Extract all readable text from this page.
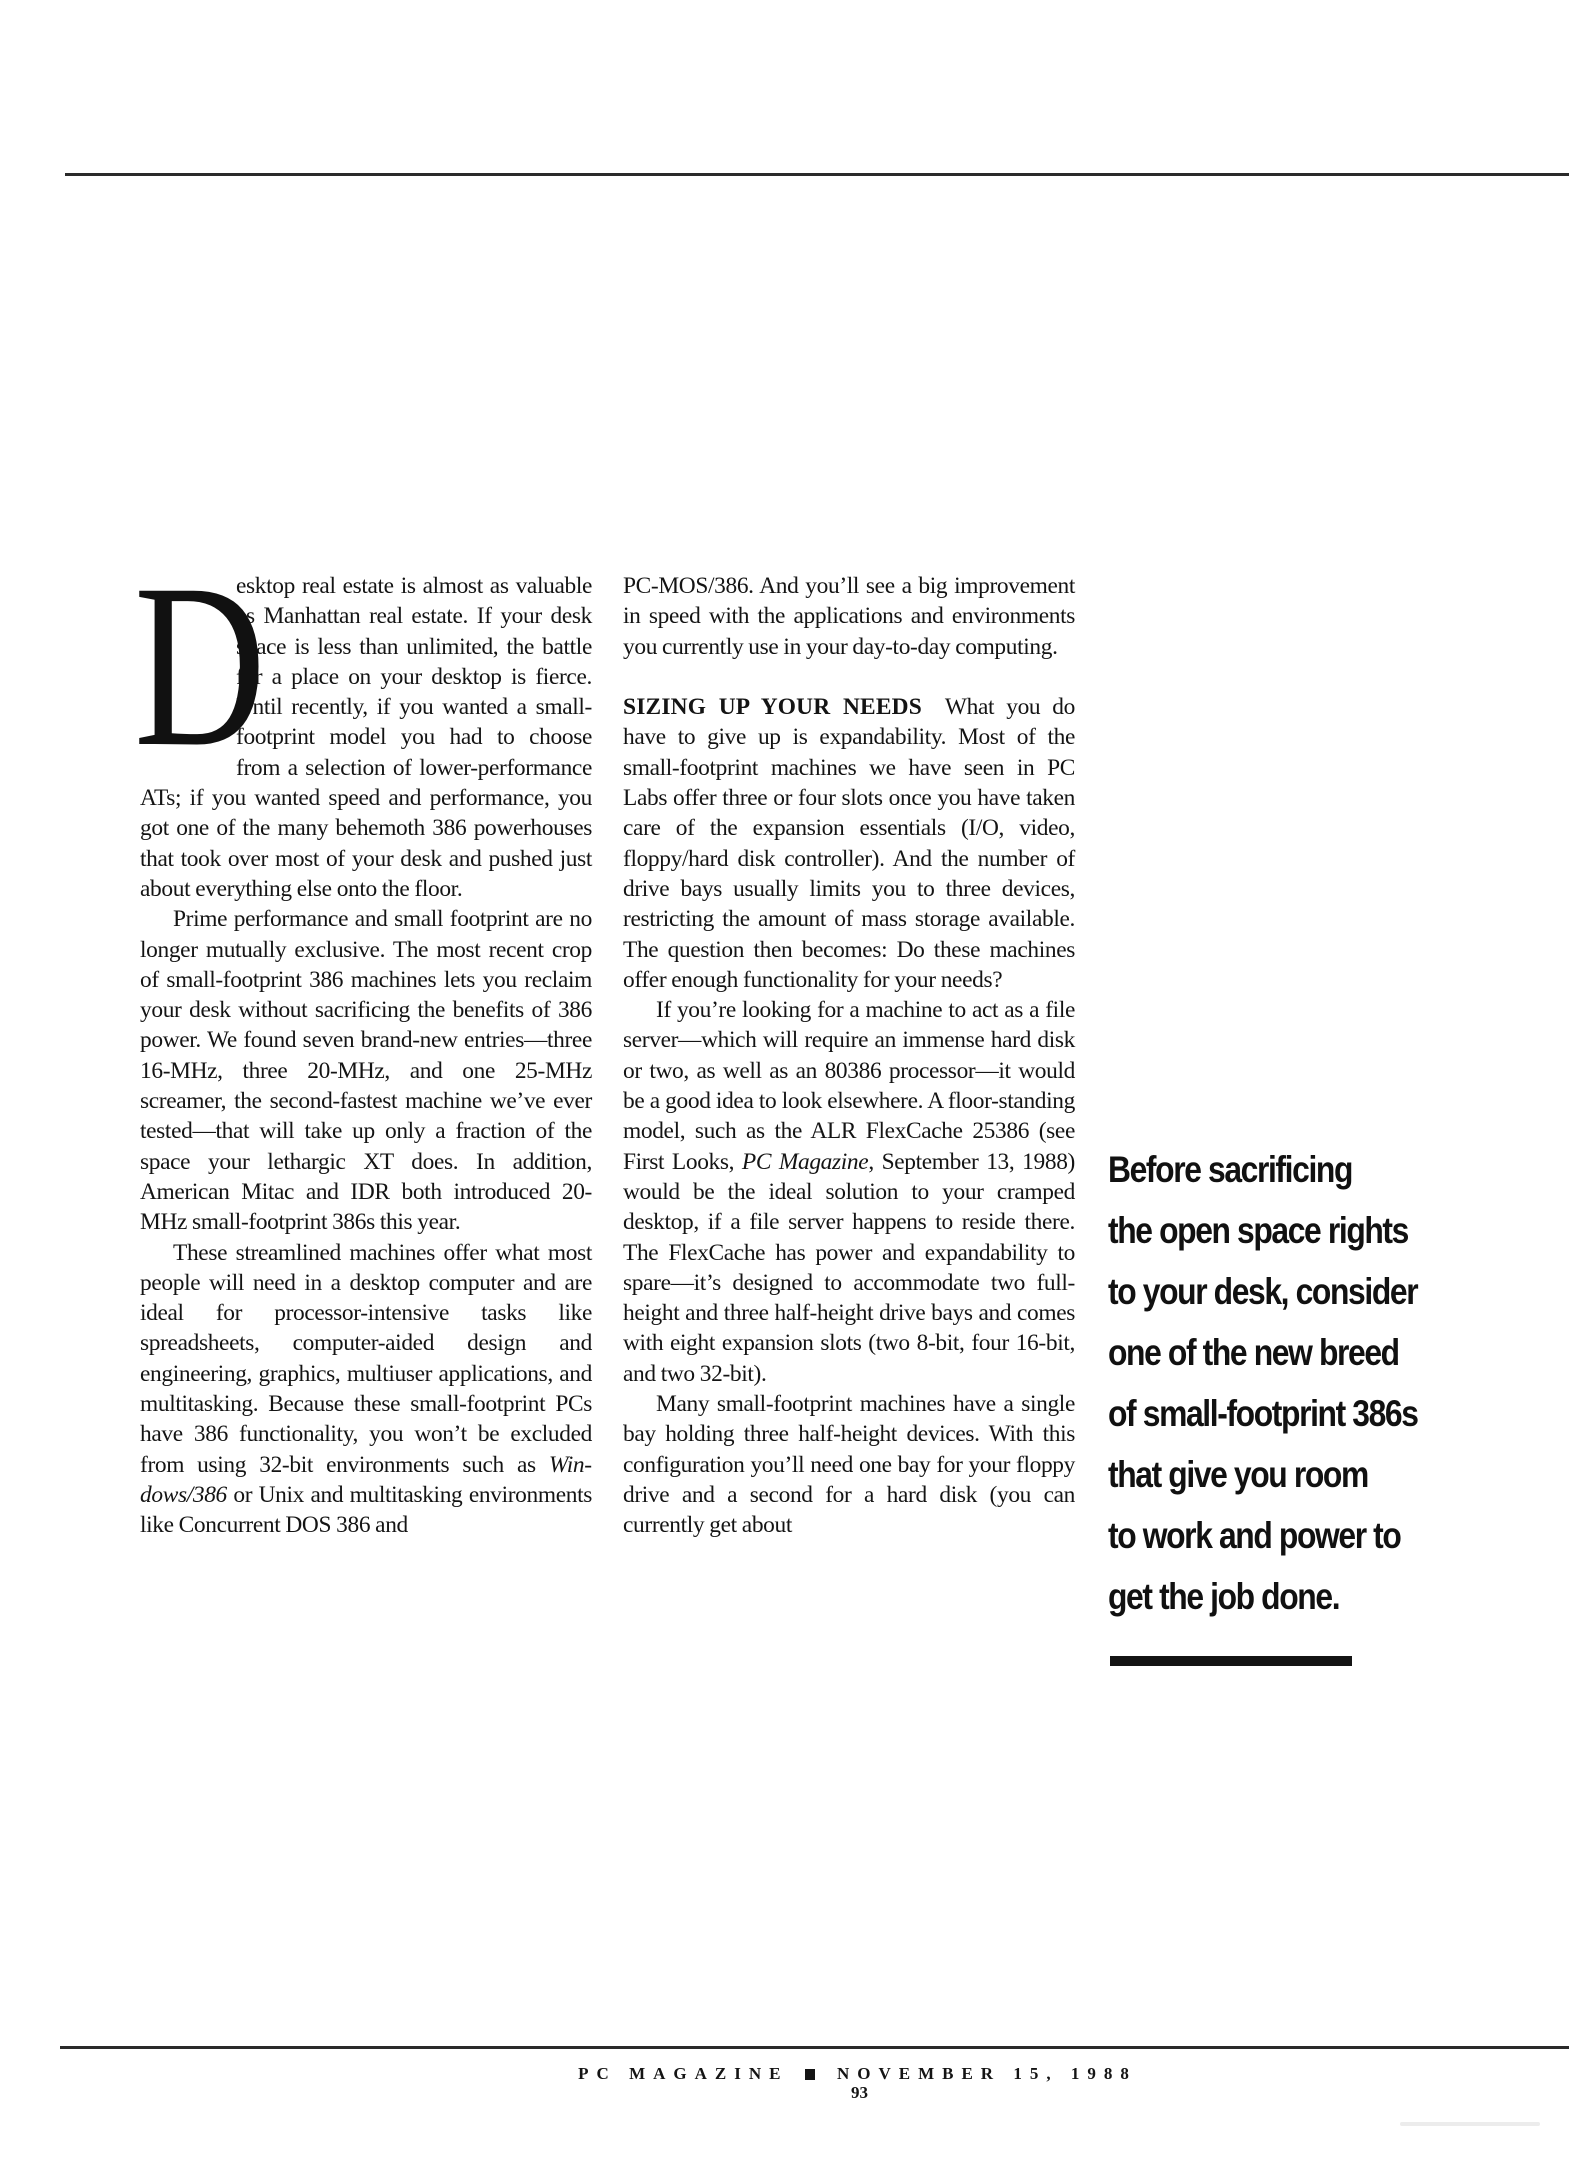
D
esktop real estate is almost as valuable as Manhattan real estate. If your desk space is less than unlimited, the battle for a place on your desktop is fierce. Until recently, if you wanted a small-footprint model you had to choose from a selection of lower-performance ATs; if you wanted speed and performance, you got one of the many behemoth 386 powerhouses that took over most of your desk and pushed just about everything else onto the floor.

Prime performance and small footprint are no longer mutually exclusive. The most recent crop of small-footprint 386 machines lets you reclaim your desk without sacrificing the benefits of 386 power. We found seven brand-new entries—three 16-MHz, three 20-MHz, and one 25-MHz screamer, the second-fastest machine we’ve ever tested—that will take up only a fraction of the space your lethargic XT does. In addition, American Mitac and IDR both introduced 20-MHz small-footprint 386s this year.

These streamlined machines offer what most people will need in a desktop computer and are ideal for processor-intensive tasks like spreadsheets, computer-aided design and engineering, graphics, multiuser applications, and multitasking. Because these small-footprint PCs have 386 functionality, you won’t be excluded from using 32-bit environments such as Windows/386 or Unix and multitasking environments like Concurrent DOS 386 and

PC-MOS/386. And you’ll see a big improvement in speed with the applications and environments you currently use in your day-to-day computing.

SIZING UP YOUR NEEDS  What you do have to give up is expandability. Most of the small-footprint machines we have seen in PC Labs offer three or four slots once you have taken care of the expansion essentials (I/O, video, floppy/hard disk controller). And the number of drive bays usually limits you to three devices, restricting the amount of mass storage available. The question then becomes: Do these machines offer enough functionality for your needs?

If you’re looking for a machine to act as a file server—which will require an immense hard disk or two, as well as an 80386 processor—it would be a good idea to look elsewhere. A floor-standing model, such as the ALR FlexCache 25386 (see First Looks, PC Magazine, September 13, 1988) would be the ideal solution to your cramped desktop, if a file server happens to reside there. The FlexCache has power and expandability to spare—it’s designed to accommodate two full-height and three half-height drive bays and comes with eight expansion slots (two 8-bit, four 16-bit, and two 32-bit).

Many small-footprint machines have a single bay holding three half-height devices. With this configuration you’ll need one bay for your floppy drive and a second for a hard disk (you can currently get about

Before sacrificing
the open space rights
to your desk, consider
one of the new breed
of small-footprint 386s
that give you room
to work and power to
get the job done.
PC MAGAZINE	NOVEMBER 15, 1988
93
